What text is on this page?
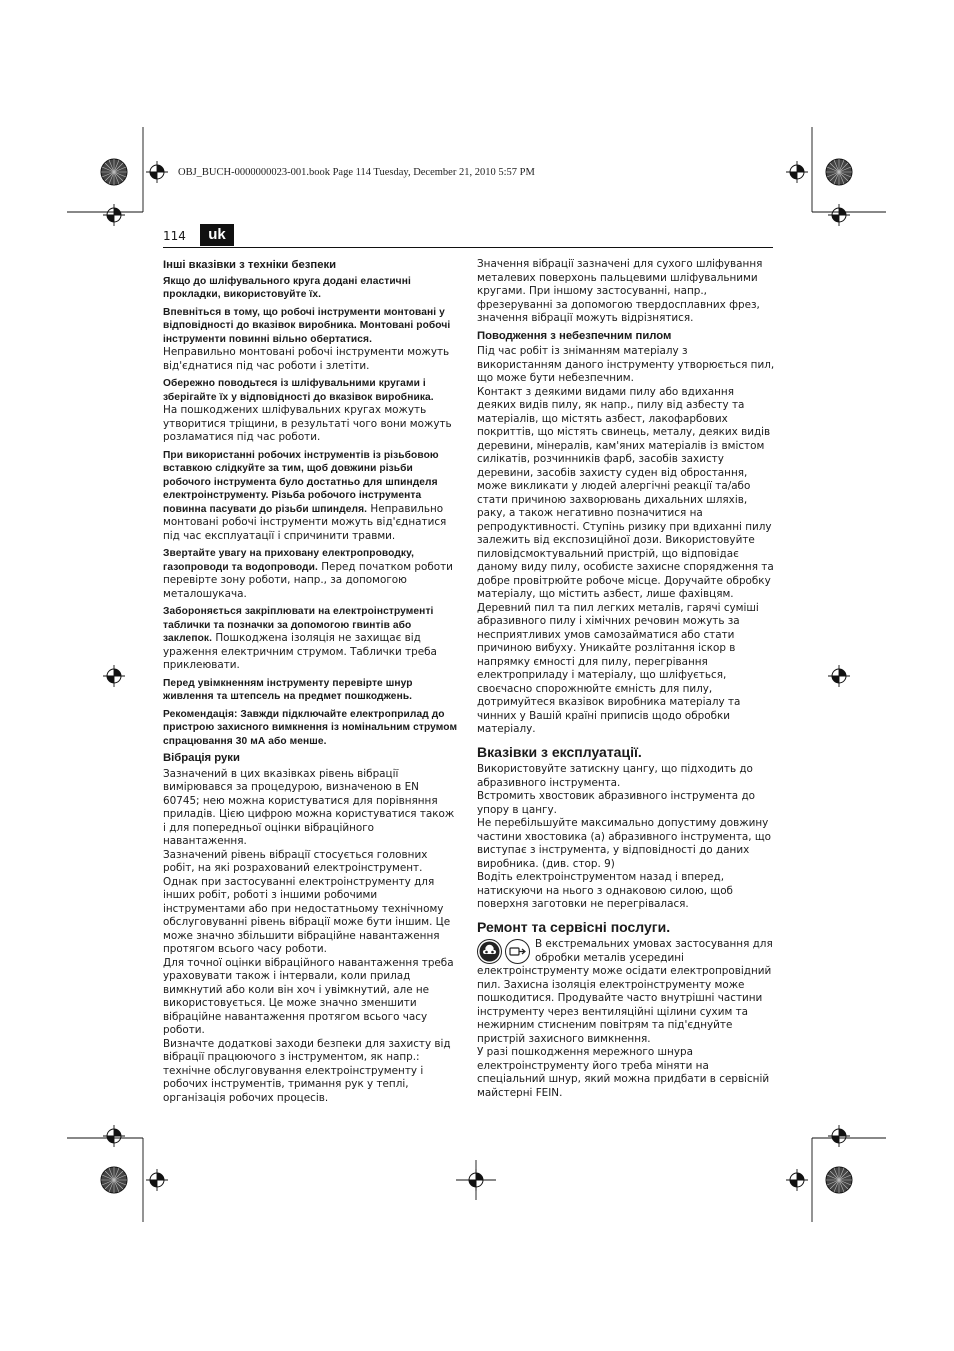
OBJ_BUCH-0000000023-001.book Page 114 Tuesday, December 21, 2010 5:57 PM
114	uk

Інші вказівки з техніки безпеки

Якщо до шліфувального круга додані еластичні прокладки, використовуйте їх.

Впевніться в тому, що робочі інструменти монтовані у відповідності до вказівок виробника. Монтовані робочі інструменти повинні вільно обертатися.

Неправильно монтовані робочі інструменти можуть від'єднатися під час роботи і злетіти.

Обережно поводьтеся із шліфувальними кругами і зберігайте їх у відповідності до вказівок виробника.

На пошкоджених шліфувальних кругах можуть утворитися тріщини, в результаті чого вони можуть розламатися під час роботи.

При використанні робочих інструментів із різьбовою вставкою слідкуйте за тим, щоб довжини різьби робочого інструмента було достатньо для шпинделя електроінструменту. Різьба робочого інструмента повинна пасувати до різьби шпинделя. Неправильно монтовані робочі інструменти можуть від'єднатися під час експлуатації і спричинити травми.

Звертайте увагу на приховану електропроводку, газопроводи та водопроводи. Перед початком роботи перевірте зону роботи, напр., за допомогою металошукача.

Забороняється закріплювати на електроінструменті таблички та позначки за допомогою гвинтів або заклепок. Пошкоджена ізоляція не захищає від ураження електричним струмом. Таблички треба приклеювати.

Перед увімкненням інструменту перевірте шнур живлення та штепсель на предмет пошкоджень.

Рекомендація: Завжди підключайте електроприлад до пристрою захисного вимкнення із номінальним струмом спрацювання 30 мА або менше.

Вібрація руки

Зазначений в цих вказівках рівень вібрації вимірювався за процедурою, визначеною в EN 60745; нею можна користуватися для порівняння приладів. Цією цифрою можна користуватися також і для попередньої оцінки вібраційного навантаження.

Зазначений рівень вібрації стосується головних робіт, на які розрахований електроінструмент. Однак при застосуванні електроінструменту для інших робіт, роботі з іншими робочими інструментами або при недостатньому технічному обслуговуванні рівень вібрації може бути іншим. Це може значно збільшити вібраційне навантаження протягом всього часу роботи.

Для точної оцінки вібраційного навантаження треба ураховувати також і інтервали, коли прилад вимкнутий або коли він хоч і увімкнутий, але не використовується. Це може значно зменшити вібраційне навантаження протягом всього часу роботи.

Визначте додаткові заходи безпеки для захисту від вібрації працюючого з інструментом, як напр.: технічне обслуговування електроінструменту і робочих інструментів, тримання рук у теплі, організація робочих процесів.

Значення вібрації зазначені для сухого шліфування металевих поверхонь пальцевими шліфувальними кругами. При іншому застосуванні, напр., фрезеруванні за допомогою твердосплавних фрез, значення вібрації можуть відрізнятися.

Поводження з небезпечним пилом

Під час робіт із зніманням матеріалу з використанням даного інструменту утворюється пил, що може бути небезпечним.

Контакт з деякими видами пилу або вдихання деяких видів пилу, як напр., пилу від азбесту та матеріалів, що містять азбест, лакофарбових покриттів, що містять свинець, металу, деяких видів деревини, мінералів, кам'яних матеріалів із вмістом силікатів, розчинників фарб, засобів захисту деревини, засобів захисту суден від обростання, може викликати у людей алергічні реакції та/або стати причиною захворювань дихальних шляхів, раку, а також негативно позначитися на репродуктивності. Ступінь ризику при вдиханні пилу залежить від експозиційної дози. Використовуйте пиловідсмоктувальний пристрій, що відповідає даному виду пилу, особисте захисне спорядження та добре провітрюйте робоче місце. Доручайте обробку матеріалу, що містить азбест, лише фахівцям.

Деревний пил та пил легких металів, гарячі суміші абразивного пилу і хімічних речовин можуть за несприятливих умов самозайматися або стати причиною вибуху. Уникайте розлітання іскор в напрямку ємності для пилу, перегрівання електроприладу і матеріалу, що шліфується, своєчасно спорожнюйте ємність для пилу, дотримуйтеся вказівок виробника матеріалу та чинних у Вашій країні приписів щодо обробки матеріалу.

Вказівки з експлуатації.

Використовуйте затискну цангу, що підходить до абразивного інструмента.

Встромить хвостовик абразивного інструмента до упору в цангу.

Не перебільшуйте максимально допустиму довжину частини хвостовика (a) абразивного інструмента, що виступає з інструмента, у відповідності до даних виробника. (див. стор. 9)

Водіть електроінструментом назад і вперед, натискуючи на нього з однаковою силою, щоб поверхня заготовки не перегрівалася.

Ремонт та сервісні послуги.

В екстремальних умовах застосування для обробки металів усередині електроінструменту може осідати електропровідний пил. Захисна ізоляція електроінструменту може пошкодитися. Продувайте часто внутрішні частини інструменту через вентиляційні щілини сухим та нежирним стисненим повітрям та під'єднуйте пристрій захисного вимкнення.

У разі пошкодження мережного шнура електроінструменту його треба міняти на спеціальний шнур, який можна придбати в сервісній майстерні FEIN.
